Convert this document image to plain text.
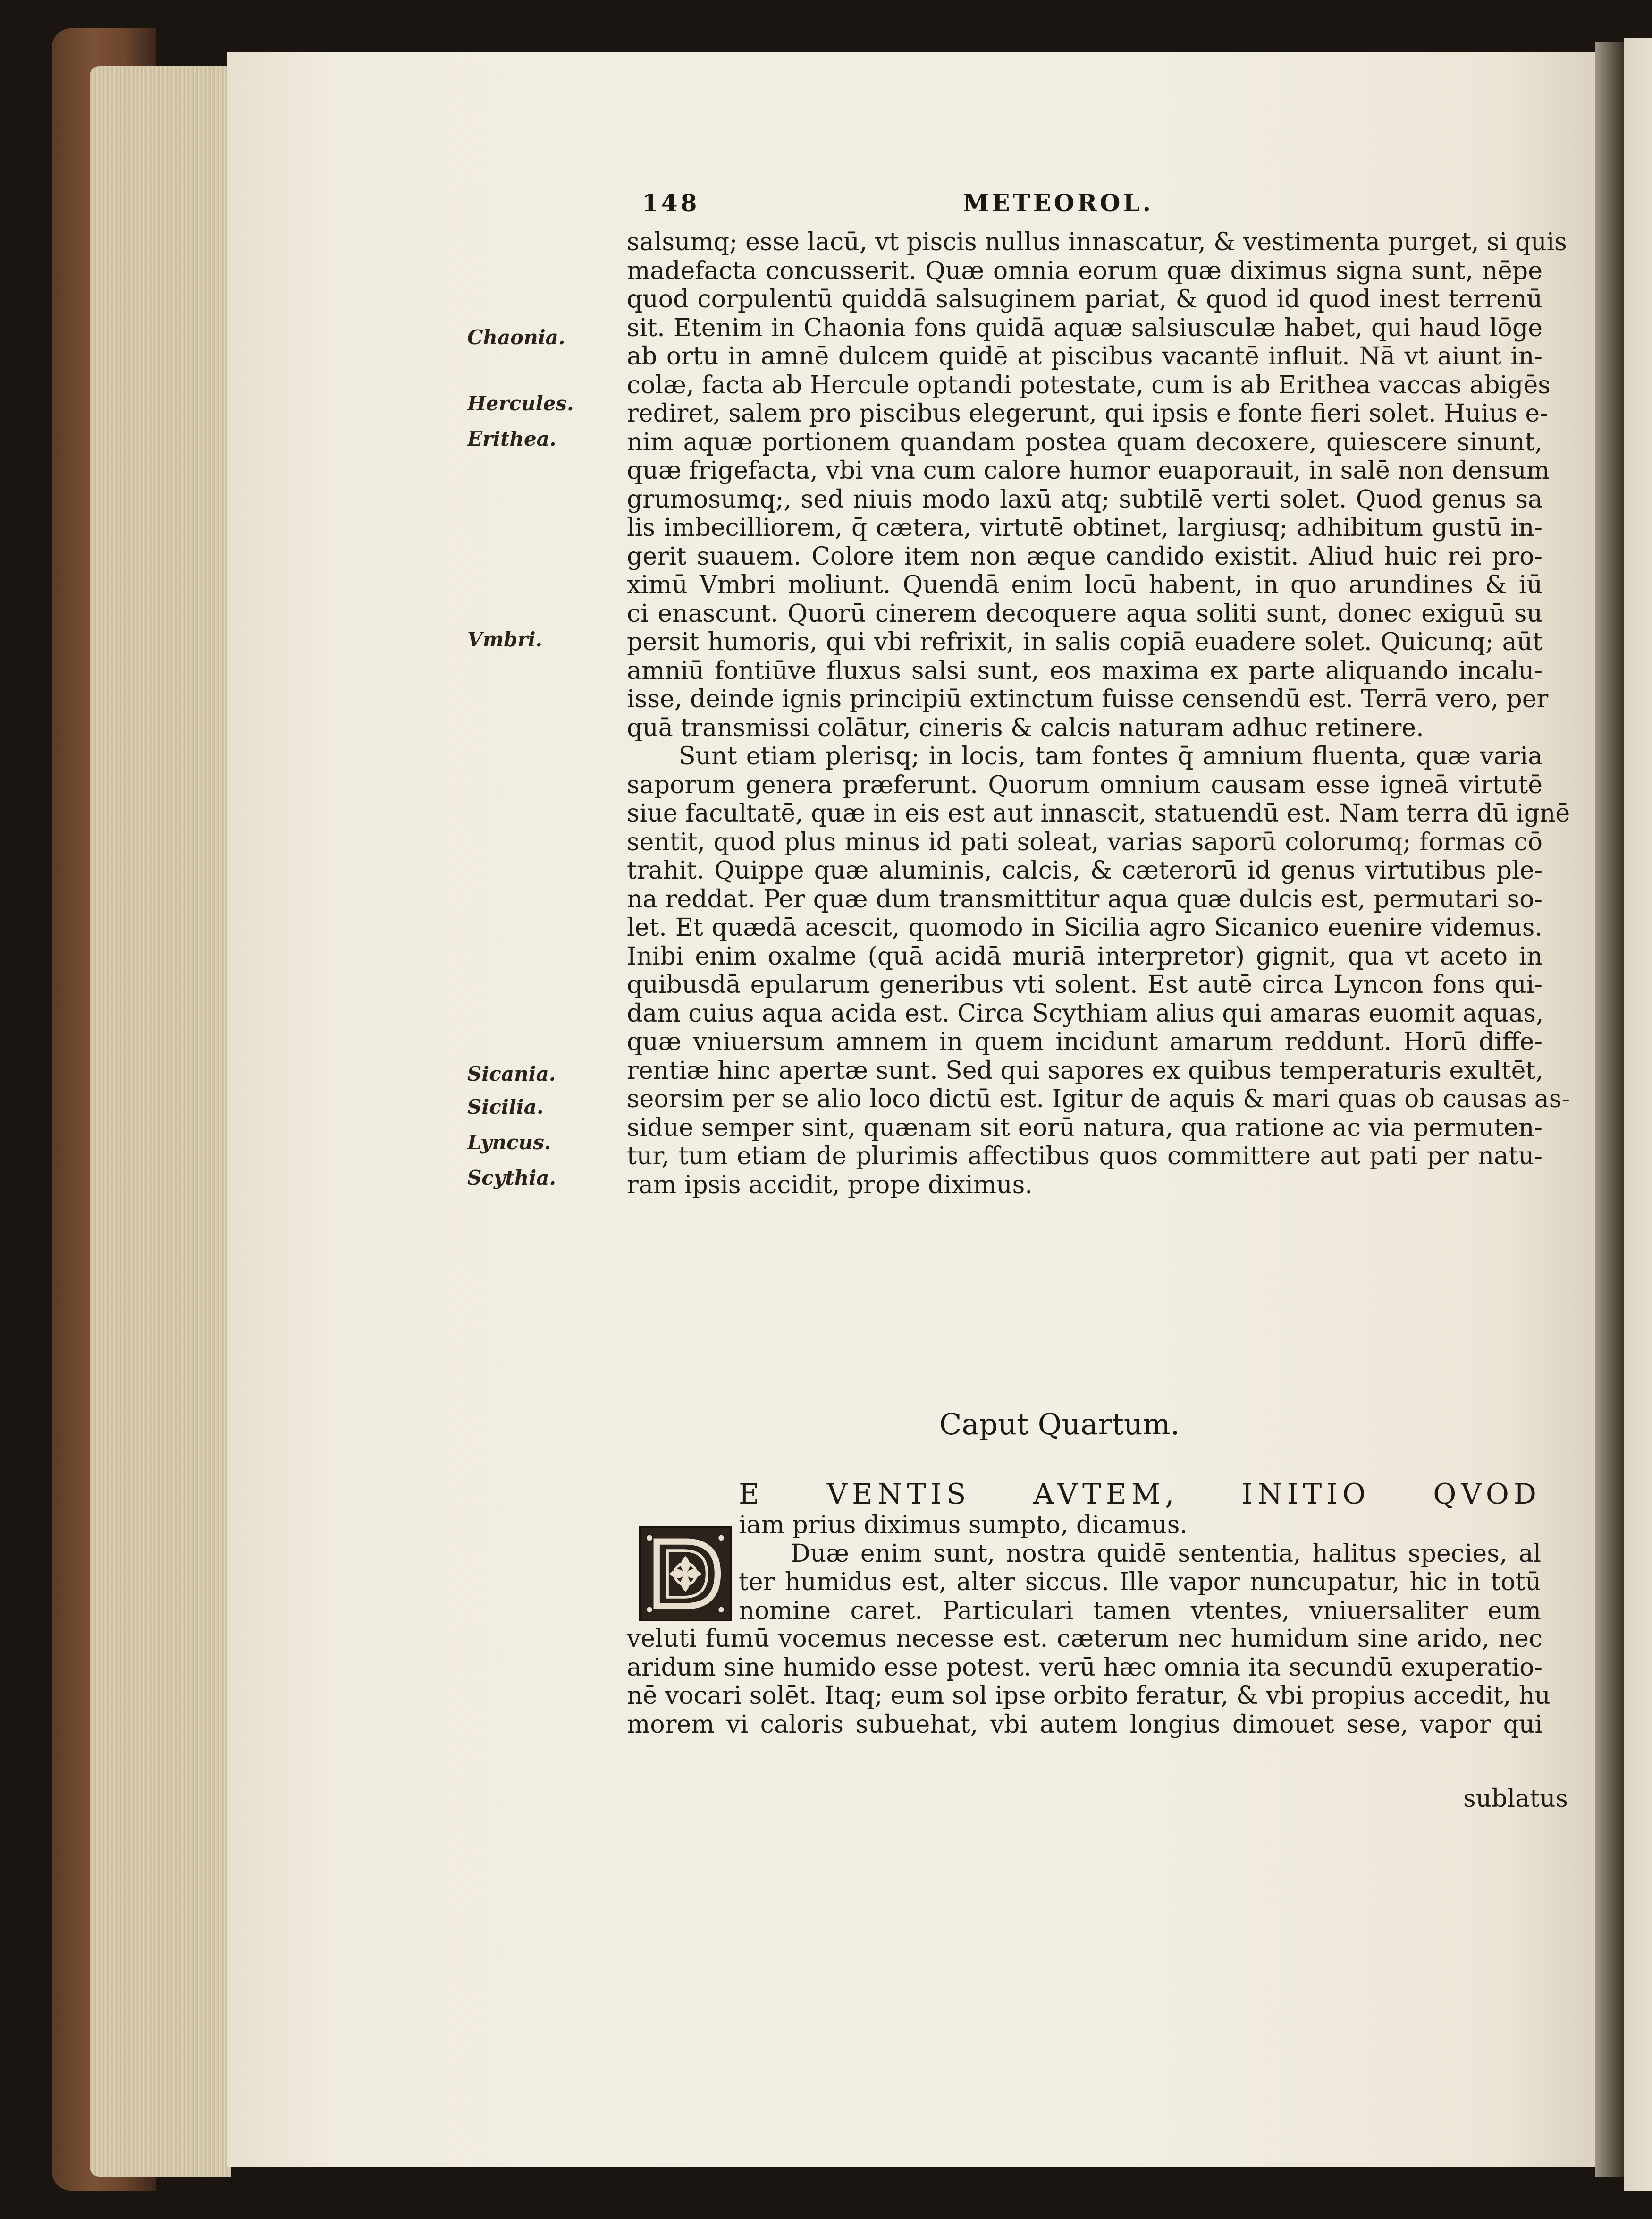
148	METEOROL.
Chaonia.
Hercules.
Erithea.
Vmbri.
Sicania.
Sicilia.
Lyncus.
Scythia.
salsumq; esse lacū, vt piscis nullus innascatur, & vestimenta purget, si quis
madefacta concusserit. Quæ omnia eorum quæ diximus signa sunt, nēpe
quod corpulentū quiddā salsuginem pariat, & quod id quod inest terrenū
sit. Etenim in Chaonia fons quidā aquæ salsiusculæ habet, qui haud lōge
ab ortu in amnē dulcem quidē at piscibus vacantē influit. Nā vt aiunt in-
colæ, facta ab Hercule optandi potestate, cum is ab Erithea vaccas abigēs
rediret, salem pro piscibus elegerunt, qui ipsis e fonte fieri solet. Huius e-
nim aquæ portionem quandam postea quam decoxere, quiescere sinunt,
quæ frigefacta, vbi vna cum calore humor euaporauit, in salē non densum
grumosumq;, sed niuis modo laxū atq; subtilē verti solet. Quod genus sa
lis imbecilliorem, q̄ cætera, virtutē obtinet, largiusq; adhibitum gustū in-
gerit suauem. Colore item non æque candido existit. Aliud huic rei pro-
ximū Vmbri moliunt. Quendā enim locū habent, in quo arundines & iū
ci enascunt. Quorū cinerem decoquere aqua soliti sunt, donec exiguū su
persit humoris, qui vbi refrixit, in salis copiā euadere solet. Quicunq; aūt
amniū fontiūve fluxus salsi sunt, eos maxima ex parte aliquando incalu-
isse, deinde ignis principiū extinctum fuisse censendū est. Terrā vero, per
quā transmissi colātur, cineris & calcis naturam adhuc retinere.
Sunt etiam plerisq; in locis, tam fontes q̄ amnium fluenta, quæ varia
saporum genera præferunt. Quorum omnium causam esse igneā virtutē
siue facultatē, quæ in eis est aut innascit, statuendū est. Nam terra dū ignē
sentit, quod plus minus id pati soleat, varias saporū colorumq; formas cō
trahit. Quippe quæ aluminis, calcis, & cæterorū id genus virtutibus ple-
na reddat. Per quæ dum transmittitur aqua quæ dulcis est, permutari so-
let. Et quædā acescit, quomodo in Sicilia agro Sicanico euenire videmus.
Inibi enim oxalme (quā acidā muriā interpretor) gignit, qua vt aceto in
quibusdā epularum generibus vti solent. Est autē circa Lyncon fons qui-
dam cuius aqua acida est. Circa Scythiam alius qui amaras euomit aquas,
quæ vniuersum amnem in quem incidunt amarum reddunt. Horū diffe-
rentiæ hinc apertæ sunt. Sed qui sapores ex quibus temperaturis exultēt,
seorsim per se alio loco dictū est. Igitur de aquis & mari quas ob causas as-
sidue semper sint, quænam sit eorū natura, qua ratione ac via permuten-
tur, tum etiam de plurimis affectibus quos committere aut pati per natu-
ram ipsis accidit, prope diximus.
Caput Quartum.
E VENTIS AVTEM, INITIO QVOD
iam prius diximus sumpto, dicamus.
Duæ enim sunt, nostra quidē sententia, halitus species, al
ter humidus est, alter siccus. Ille vapor nuncupatur, hic in totū
nomine caret. Particulari tamen vtentes, vniuersaliter eum
veluti fumū vocemus necesse est. cæterum nec humidum sine arido, nec
aridum sine humido esse potest. verū hæc omnia ita secundū exuperatio-
nē vocari solēt. Itaq; eum sol ipse orbito feratur, & vbi propius accedit, hu
morem vi caloris subuehat, vbi autem longius dimouet sese, vapor qui
sublatus
